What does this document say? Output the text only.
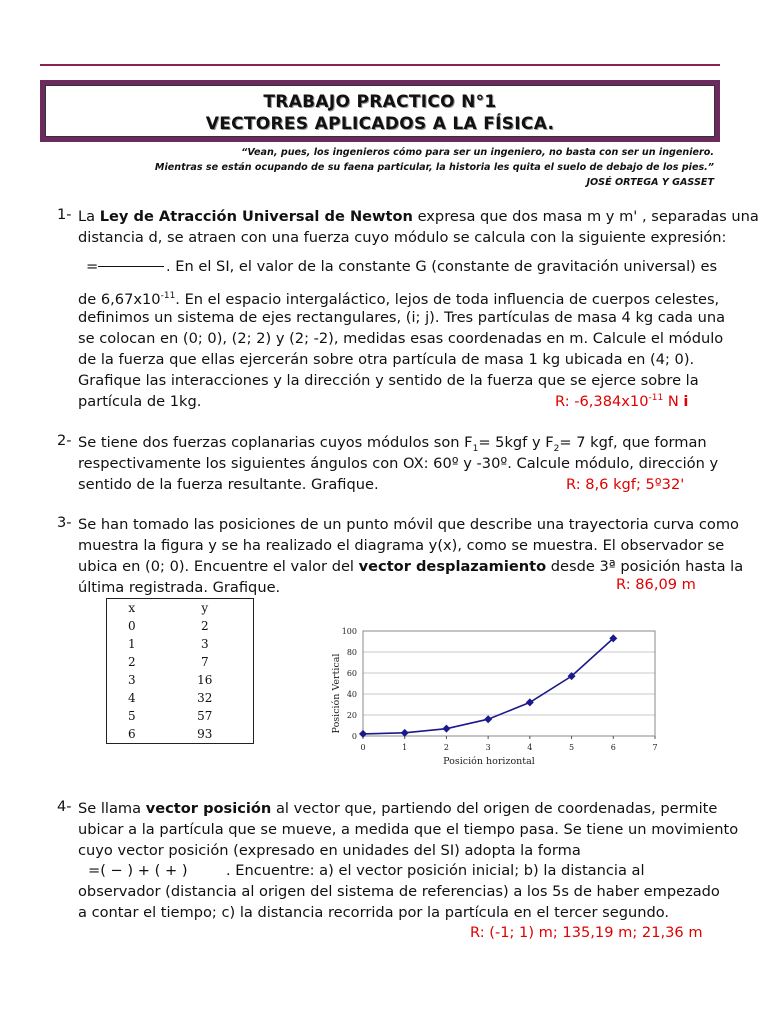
TRABAJO PRACTICO N°1
VECTORES APLICADOS A LA FÍSICA.
“Vean, pues, los ingenieros cómo para ser un ingeniero, no basta con ser un ingeniero.
Mientras se están ocupando de su faena particular, la historia les quita el suelo de debajo de los pies.”
JOSÉ ORTEGA Y GASSET
1- La Ley de Atracción Universal de Newton expresa que dos masa m y m' , separadas una
distancia d, se atraen con una fuerza cuyo módulo se calcula con la siguiente expresión:
=	. En el SI, el valor de la constante G (constante de gravitación universal) es
de $6,67x10^{-11}$. En el espacio intergaláctico, lejos de toda influencia de cuerpos celestes,
definimos un sistema de ejes rectangulares, (i; j). Tres partículas de masa 4 kg cada una
se colocan en (0; 0), (2; 2) y (2; -2), medidas esas coordenadas en m. Calcule el módulo
de la fuerza que ellas ejercerán sobre otra partícula de masa 1 kg ubicada en (4; 0).
Grafique las interacciones y la dirección y sentido de la fuerza que se ejerce sobre la
partícula de 1kg.	R: $-6,384x10^{-11}$ N i
2- Se tiene dos fuerzas coplanarias cuyos módulos son $F_1= 5kgf$ y $F_2= 7$ kgf, que forman
respectivamente los siguientes ángulos con OX: 60º y -30º. Calcule módulo, dirección y
sentido de la fuerza resultante. Grafique.	R: 8,6 kgf; 5º32'
3- Se han tomado las posiciones de un punto móvil que describe una trayectoria curva como
muestra la figura y se ha realizado el diagrama y(x), como se muestra. El observador se
ubica en (0; 0). Encuentre el valor del vector desplazamiento desde 3ª posición hasta la
última registrada. Grafique.	R: 86,09 m
x	y
0	2
1	3
2	7
3	16
4	32
5	57
6	93	0
20
40
60
80
100
0	1	2	3	4	5	6	7
Posición horizontal
Posición Vertical
4- Se llama vector posición al vector que, partiendo del origen de coordenadas, permite
ubicar a la partícula que se mueve, a medida que el tiempo pasa. Se tiene un movimiento
cuyo vector posición (expresado en unidades del SI) adopta la forma
=( − ) + ( + )	. Encuentre: a) el vector posición inicial; b) la distancia al
observador (distancia al origen del sistema de referencias) a los 5s de haber empezado
a contar el tiempo; c) la distancia recorrida por la partícula en el tercer segundo.
R: (-1; 1) m; 135,19 m; 21,36 m
